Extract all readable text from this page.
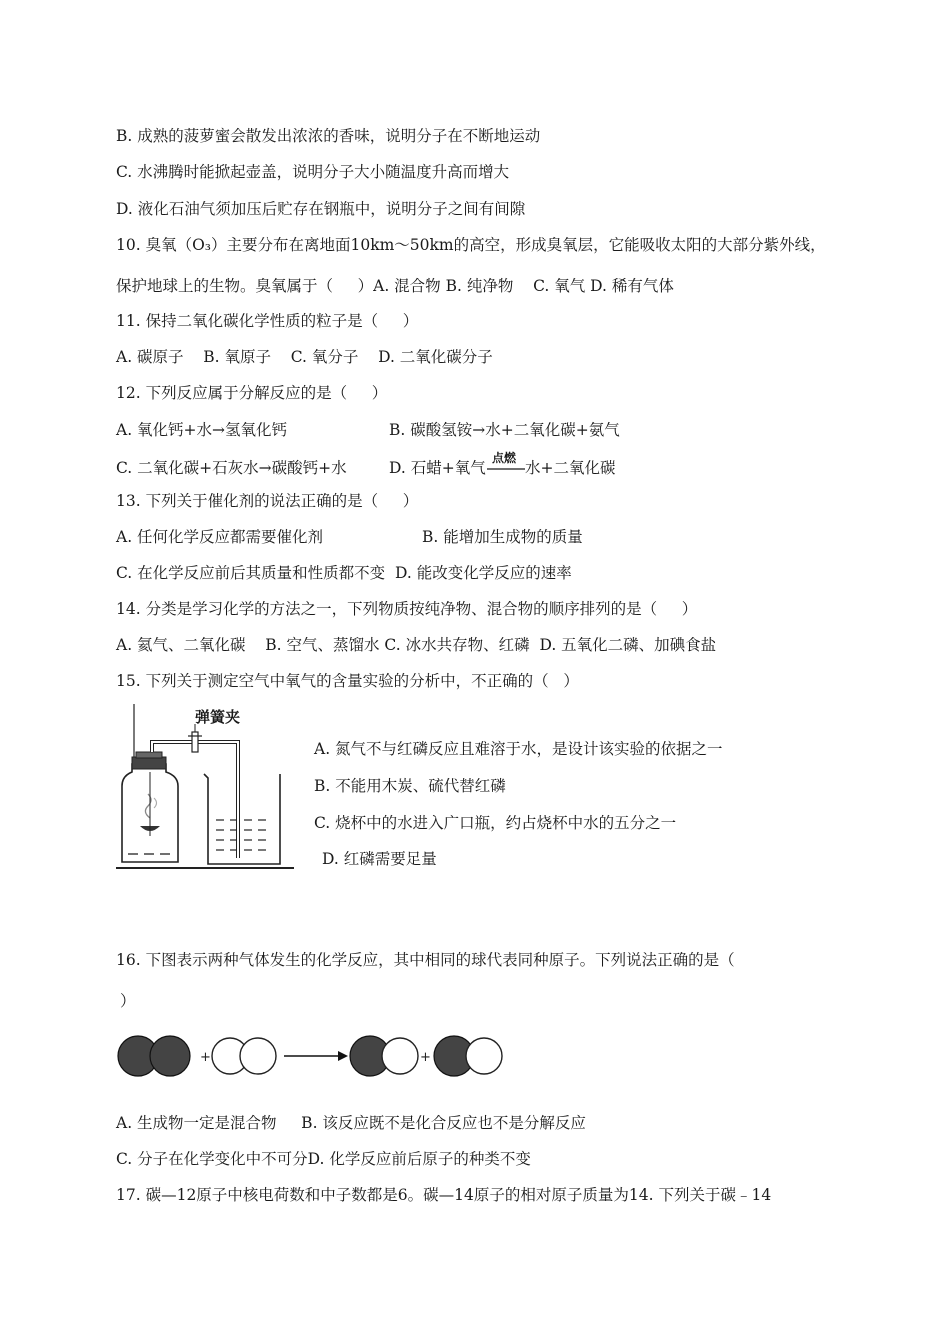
B. 成熟的菠萝蜜会散发出浓浓的香味，说明分子在不断地运动
C. 水沸腾时能掀起壶盖，说明分子大小随温度升高而增大
D. 液化石油气须加压后贮存在钢瓶中，说明分子之间有间隙
10. 臭氧（O₃）主要分布在离地面10km～50km的高空，形成臭氧层，它能吸收太阳的大部分紫外线，
保护地球上的生物。臭氧属于（     ）A. 混合物 B. 纯净物    C. 氧气 D. 稀有气体
11. 保持二氧化碳化学性质的粒子是（     ）
A. 碳原子    B. 氧原子    C. 氧分子    D. 二氧化碳分子
12. 下列反应属于分解反应的是（     ）
A. 氧化钙+水→氢氧化钙	B. 碳酸氢铵→水+二氧化碳+氨气
C. 二氧化碳+石灰水→碳酸钙+水	D. 石蜡+氧气
点燃
水+二氧化碳
13. 下列关于催化剂的说法正确的是（     ）
A. 任何化学反应都需要催化剂	B. 能增加生成物的质量
C. 在化学反应前后其质量和性质都不变  D. 能改变化学反应的速率
14. 分类是学习化学的方法之一，下列物质按纯净物、混合物的顺序排列的是（     ）
A. 氦气、二氧化碳    B. 空气、蒸馏水 C. 冰水共存物、红磷  D. 五氧化二磷、加碘食盐
15. 下列关于测定空气中氧气的含量实验的分析中，不正确的（   ）
弹簧夹
A. 氮气不与红磷反应且难溶于水，是设计该实验的依据之一
B. 不能用木炭、硫代替红磷
C. 烧杯中的水进入广口瓶，约占烧杯中水的五分之一
D. 红磷需要足量
16. 下图表示两种气体发生的化学反应，其中相同的球代表同种原子。下列说法正确的是（
）
+	+
A. 生成物一定是混合物     B. 该反应既不是化合反应也不是分解反应
C. 分子在化学变化中不可分D. 化学反应前后原子的种类不变
17. 碳—12原子中核电荷数和中子数都是6。碳—14原子的相对原子质量为14. 下列关于碳﹣14
